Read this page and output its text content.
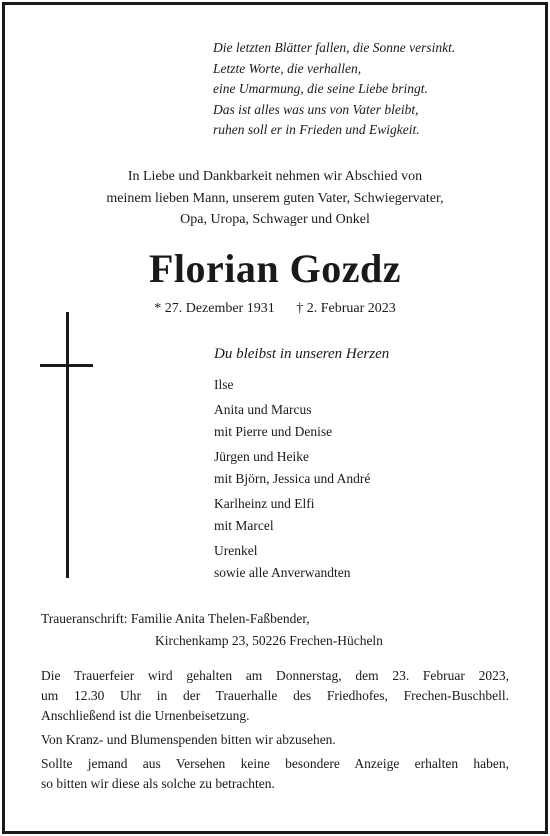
Die letzten Blätter fallen, die Sonne versinkt.
Letzte Worte, die verhallen,
eine Umarmung, die seine Liebe bringt.
Das ist alles was uns von Vater bleibt,
ruhen soll er in Frieden und Ewigkeit.
In Liebe und Dankbarkeit nehmen wir Abschied von
meinem lieben Mann, unserem guten Vater, Schwiegervater,
Opa, Uropa, Schwager und Onkel
Florian Gozdz
* 27. Dezember 1931 † 2. Februar 2023
Du bleibst in unseren Herzen
Ilse
Anita und Marcus
mit Pierre und Denise
Jürgen und Heike
mit Björn, Jessica und André
Karlheinz und Elfi
mit Marcel
Urenkel
sowie alle Anverwandten
Traueranschrift: Familie Anita Thelen-Faßbender,
Kirchenkamp 23, 50226 Frechen-Hücheln

Die Trauerfeier wird gehalten am Donnerstag, dem 23. Februar 2023,
um 12.30 Uhr in der Trauerhalle des Friedhofes, Frechen-Buschbell.
Anschließend ist die Urnenbeisetzung.

Von Kranz- und Blumenspenden bitten wir abzusehen.

Sollte jemand aus Versehen keine besondere Anzeige erhalten haben,
so bitten wir diese als solche zu betrachten.
